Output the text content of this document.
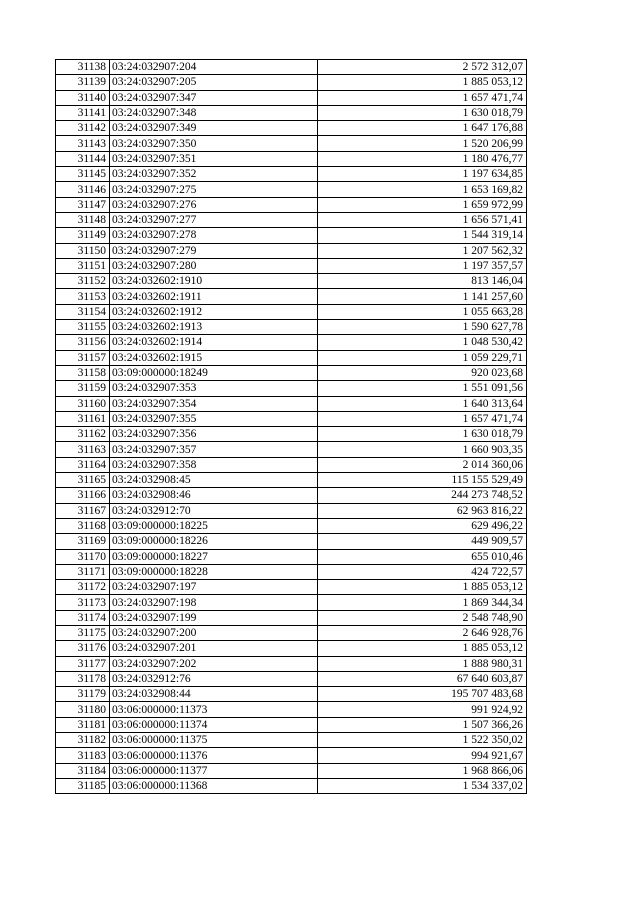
31138	03:24:032907:204	2 572 312,07
31139	03:24:032907:205	1 885 053,12
31140	03:24:032907:347	1 657 471,74
31141	03:24:032907:348	1 630 018,79
31142	03:24:032907:349	1 647 176,88
31143	03:24:032907:350	1 520 206,99
31144	03:24:032907:351	1 180 476,77
31145	03:24:032907:352	1 197 634,85
31146	03:24:032907:275	1 653 169,82
31147	03:24:032907:276	1 659 972,99
31148	03:24:032907:277	1 656 571,41
31149	03:24:032907:278	1 544 319,14
31150	03:24:032907:279	1 207 562,32
31151	03:24:032907:280	1 197 357,57
31152	03:24:032602:1910	813 146,04
31153	03:24:032602:1911	1 141 257,60
31154	03:24:032602:1912	1 055 663,28
31155	03:24:032602:1913	1 590 627,78
31156	03:24:032602:1914	1 048 530,42
31157	03:24:032602:1915	1 059 229,71
31158	03:09:000000:18249	920 023,68
31159	03:24:032907:353	1 551 091,56
31160	03:24:032907:354	1 640 313,64
31161	03:24:032907:355	1 657 471,74
31162	03:24:032907:356	1 630 018,79
31163	03:24:032907:357	1 660 903,35
31164	03:24:032907:358	2 014 360,06
31165	03:24:032908:45	115 155 529,49
31166	03:24:032908:46	244 273 748,52
31167	03:24:032912:70	62 963 816,22
31168	03:09:000000:18225	629 496,22
31169	03:09:000000:18226	449 909,57
31170	03:09:000000:18227	655 010,46
31171	03:09:000000:18228	424 722,57
31172	03:24:032907:197	1 885 053,12
31173	03:24:032907:198	1 869 344,34
31174	03:24:032907:199	2 548 748,90
31175	03:24:032907:200	2 646 928,76
31176	03:24:032907:201	1 885 053,12
31177	03:24:032907:202	1 888 980,31
31178	03:24:032912:76	67 640 603,87
31179	03:24:032908:44	195 707 483,68
31180	03:06:000000:11373	991 924,92
31181	03:06:000000:11374	1 507 366,26
31182	03:06:000000:11375	1 522 350,02
31183	03:06:000000:11376	994 921,67
31184	03:06:000000:11377	1 968 866,06
31185	03:06:000000:11368	1 534 337,02
